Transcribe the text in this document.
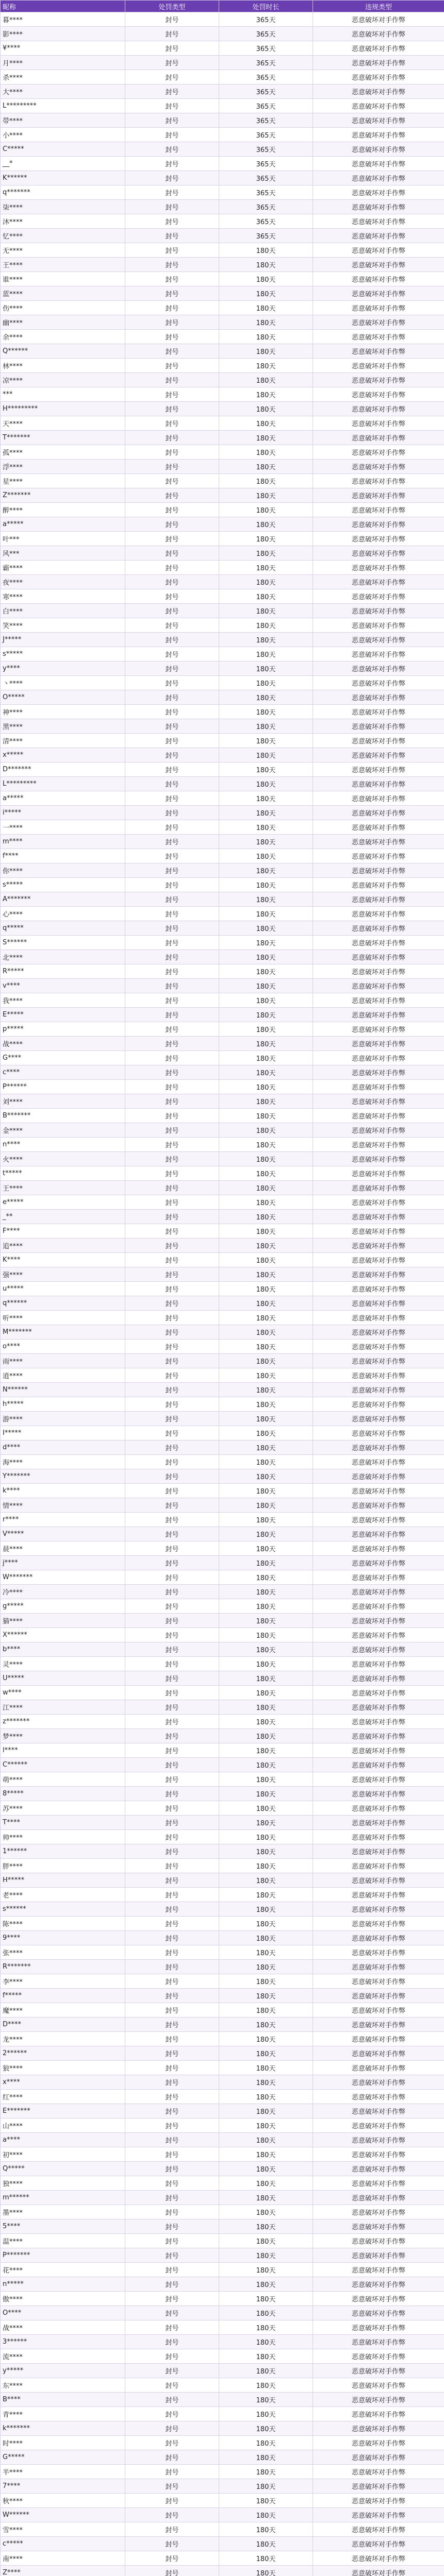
昵称	处罚类型	处罚时长	违规类型
暮****	封号	365天	恶意破坏对手作弊
影****	封号	365天	恶意破坏对手作弊
¥****	封号	365天	恶意破坏对手作弊
月****	封号	365天	恶意破坏对手作弊
杀****	封号	365天	恶意破坏对手作弊
大****	封号	365天	恶意破坏对手作弊
L*********	封号	365天	恶意破坏对手作弊
带****	封号	365天	恶意破坏对手作弊
小****	封号	365天	恶意破坏对手作弊
C*****	封号	365天	恶意破坏对手作弊
__*	封号	365天	恶意破坏对手作弊
K******	封号	365天	恶意破坏对手作弊
q*******	封号	365天	恶意破坏对手作弊
柒****	封号	365天	恶意破坏对手作弊
沐****	封号	365天	恶意破坏对手作弊
忆****	封号	365天	恶意破坏对手作弊
无****	封号	180天	恶意破坏对手作弊
王****	封号	180天	恶意破坏对手作弊
谁****	封号	180天	恶意破坏对手作弊
蓝****	封号	180天	恶意破坏对手作弊
伤****	封号	180天	恶意破坏对手作弊
幽****	封号	180天	恶意破坏对手作弊
余****	封号	180天	恶意破坏对手作弊
Q******	封号	180天	恶意破坏对手作弊
林****	封号	180天	恶意破坏对手作弊
凉****	封号	180天	恶意破坏对手作弊
***	封号	180天	恶意破坏对手作弊
H*********	封号	180天	恶意破坏对手作弊
天****	封号	180天	恶意破坏对手作弊
T*******	封号	180天	恶意破坏对手作弊
孤****	封号	180天	恶意破坏对手作弊
浮****	封号	180天	恶意破坏对手作弊
星****	封号	180天	恶意破坏对手作弊
Z*******	封号	180天	恶意破坏对手作弊
醉****	封号	180天	恶意破坏对手作弊
a*****	封号	180天	恶意破坏对手作弊
叶***	封号	180天	恶意破坏对手作弊
风***	封号	180天	恶意破坏对手作弊
霸****	封号	180天	恶意破坏对手作弊
夜****	封号	180天	恶意破坏对手作弊
寒****	封号	180天	恶意破坏对手作弊
白****	封号	180天	恶意破坏对手作弊
笑****	封号	180天	恶意破坏对手作弊
J*****	封号	180天	恶意破坏对手作弊
s*****	封号	180天	恶意破坏对手作弊
y****	封号	180天	恶意破坏对手作弊
丶****	封号	180天	恶意破坏对手作弊
O*****	封号	180天	恶意破坏对手作弊
神****	封号	180天	恶意破坏对手作弊
黑****	封号	180天	恶意破坏对手作弊
清****	封号	180天	恶意破坏对手作弊
x*****	封号	180天	恶意破坏对手作弊
D*******	封号	180天	恶意破坏对手作弊
L*********	封号	180天	恶意破坏对手作弊
a*****	封号	180天	恶意破坏对手作弊
i*****	封号	180天	恶意破坏对手作弊
一****	封号	180天	恶意破坏对手作弊
m****	封号	180天	恶意破坏对手作弊
f****	封号	180天	恶意破坏对手作弊
你****	封号	180天	恶意破坏对手作弊
s*****	封号	180天	恶意破坏对手作弊
A*******	封号	180天	恶意破坏对手作弊
心****	封号	180天	恶意破坏对手作弊
q*****	封号	180天	恶意破坏对手作弊
S******	封号	180天	恶意破坏对手作弊
北****	封号	180天	恶意破坏对手作弊
R*****	封号	180天	恶意破坏对手作弊
v****	封号	180天	恶意破坏对手作弊
我****	封号	180天	恶意破坏对手作弊
E*****	封号	180天	恶意破坏对手作弊
p*****	封号	180天	恶意破坏对手作弊
战****	封号	180天	恶意破坏对手作弊
G****	封号	180天	恶意破坏对手作弊
c****	封号	180天	恶意破坏对手作弊
P******	封号	180天	恶意破坏对手作弊
刘****	封号	180天	恶意破坏对手作弊
B*******	封号	180天	恶意破坏对手作弊
金****	封号	180天	恶意破坏对手作弊
n****	封号	180天	恶意破坏对手作弊
火****	封号	180天	恶意破坏对手作弊
t*****	封号	180天	恶意破坏对手作弊
王****	封号	180天	恶意破坏对手作弊
e*****	封号	180天	恶意破坏对手作弊
_**	封号	180天	恶意破坏对手作弊
F****	封号	180天	恶意破坏对手作弊
追****	封号	180天	恶意破坏对手作弊
K****	封号	180天	恶意破坏对手作弊
强****	封号	180天	恶意破坏对手作弊
u*****	封号	180天	恶意破坏对手作弊
q******	封号	180天	恶意破坏对手作弊
听****	封号	180天	恶意破坏对手作弊
M*******	封号	180天	恶意破坏对手作弊
o****	封号	180天	恶意破坏对手作弊
雨****	封号	180天	恶意破坏对手作弊
逍****	封号	180天	恶意破坏对手作弊
N******	封号	180天	恶意破坏对手作弊
h*****	封号	180天	恶意破坏对手作弊
游****	封号	180天	恶意破坏对手作弊
I*****	封号	180天	恶意破坏对手作弊
d****	封号	180天	恶意破坏对手作弊
海****	封号	180天	恶意破坏对手作弊
Y*******	封号	180天	恶意破坏对手作弊
k****	封号	180天	恶意破坏对手作弊
情****	封号	180天	恶意破坏对手作弊
r****	封号	180天	恶意破坏对手作弊
V*****	封号	180天	恶意破坏对手作弊
晨****	封号	180天	恶意破坏对手作弊
j****	封号	180天	恶意破坏对手作弊
W*******	封号	180天	恶意破坏对手作弊
冷****	封号	180天	恶意破坏对手作弊
g*****	封号	180天	恶意破坏对手作弊
猫****	封号	180天	恶意破坏对手作弊
X******	封号	180天	恶意破坏对手作弊
b****	封号	180天	恶意破坏对手作弊
灵****	封号	180天	恶意破坏对手作弊
U*****	封号	180天	恶意破坏对手作弊
w****	封号	180天	恶意破坏对手作弊
江****	封号	180天	恶意破坏对手作弊
z*******	封号	180天	恶意破坏对手作弊
梦****	封号	180天	恶意破坏对手作弊
l****	封号	180天	恶意破坏对手作弊
C******	封号	180天	恶意破坏对手作弊
萌****	封号	180天	恶意破坏对手作弊
8*****	封号	180天	恶意破坏对手作弊
苏****	封号	180天	恶意破坏对手作弊
T****	封号	180天	恶意破坏对手作弊
帅****	封号	180天	恶意破坏对手作弊
1******	封号	180天	恶意破坏对手作弊
胖****	封号	180天	恶意破坏对手作弊
H*****	封号	180天	恶意破坏对手作弊
老****	封号	180天	恶意破坏对手作弊
s******	封号	180天	恶意破坏对手作弊
陈****	封号	180天	恶意破坏对手作弊
9****	封号	180天	恶意破坏对手作弊
张****	封号	180天	恶意破坏对手作弊
R*******	封号	180天	恶意破坏对手作弊
李****	封号	180天	恶意破坏对手作弊
f*****	封号	180天	恶意破坏对手作弊
魔****	封号	180天	恶意破坏对手作弊
D****	封号	180天	恶意破坏对手作弊
龙****	封号	180天	恶意破坏对手作弊
2******	封号	180天	恶意破坏对手作弊
狼****	封号	180天	恶意破坏对手作弊
x****	封号	180天	恶意破坏对手作弊
红****	封号	180天	恶意破坏对手作弊
E*******	封号	180天	恶意破坏对手作弊
山****	封号	180天	恶意破坏对手作弊
a****	封号	180天	恶意破坏对手作弊
初****	封号	180天	恶意破坏对手作弊
Q*****	封号	180天	恶意破坏对手作弊
独****	封号	180天	恶意破坏对手作弊
m******	封号	180天	恶意破坏对手作弊
墨****	封号	180天	恶意破坏对手作弊
5****	封号	180天	恶意破坏对手作弊
温****	封号	180天	恶意破坏对手作弊
P*******	封号	180天	恶意破坏对手作弊
花****	封号	180天	恶意破坏对手作弊
n*****	封号	180天	恶意破坏对手作弊
傲****	封号	180天	恶意破坏对手作弊
O****	封号	180天	恶意破坏对手作弊
战****	封号	180天	恶意破坏对手作弊
3******	封号	180天	恶意破坏对手作弊
流****	封号	180天	恶意破坏对手作弊
y*****	封号	180天	恶意破坏对手作弊
东****	封号	180天	恶意破坏对手作弊
B****	封号	180天	恶意破坏对手作弊
青****	封号	180天	恶意破坏对手作弊
k*******	封号	180天	恶意破坏对手作弊
时****	封号	180天	恶意破坏对手作弊
G*****	封号	180天	恶意破坏对手作弊
半****	封号	180天	恶意破坏对手作弊
7****	封号	180天	恶意破坏对手作弊
秋****	封号	180天	恶意破坏对手作弊
W******	封号	180天	恶意破坏对手作弊
雪****	封号	180天	恶意破坏对手作弊
c*****	封号	180天	恶意破坏对手作弊
南****	封号	180天	恶意破坏对手作弊
Z****	封号	180天	恶意破坏对手作弊
